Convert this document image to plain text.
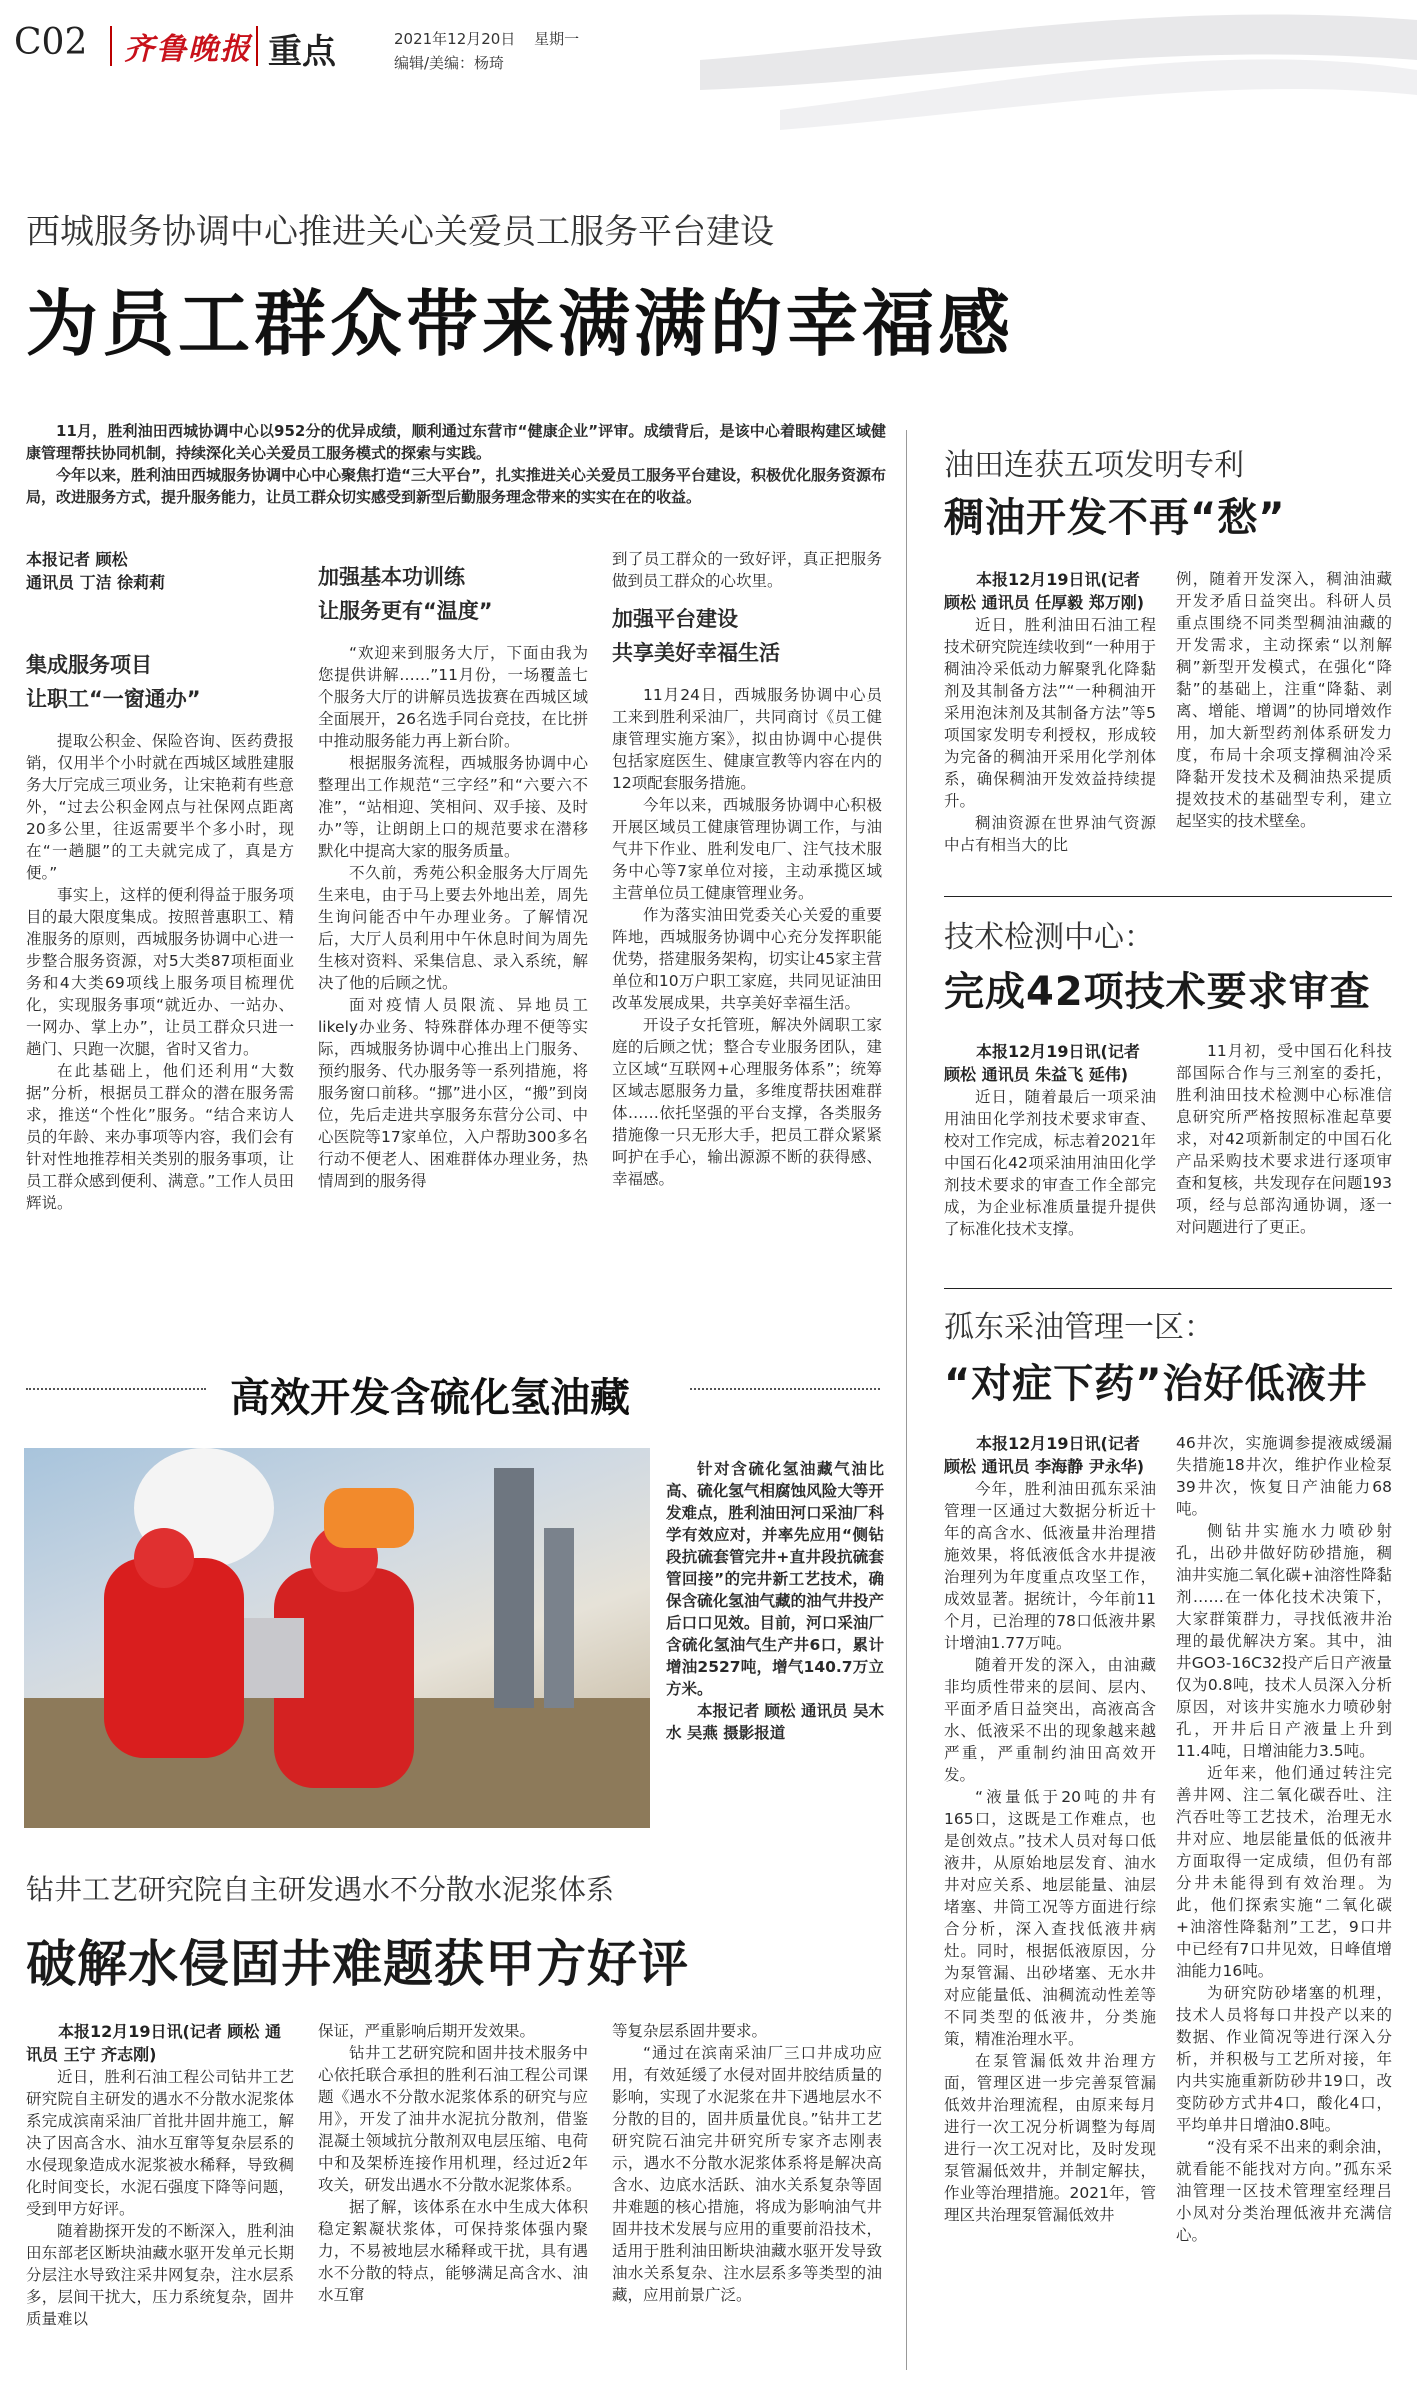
C02 齐鲁晚报 重点	2021年12月20日 星期一
编辑/美编：杨琦
西城服务协调中心推进关心关爱员工服务平台建设
为员工群众带来满满的幸福感

11月，胜利油田西城协调中心以952分的优异成绩，顺利通过东营市“健康企业”评审。成绩背后，是该中心着眼构建区域健康管理帮扶协同机制，持续深化关心关爱员工服务模式的探索与实践。

今年以来，胜利油田西城服务协调中心中心聚焦打造“三大平台”，扎实推进关心关爱员工服务平台建设，积极优化服务资源布局，改进服务方式，提升服务能力，让员工群众切实感受到新型后勤服务理念带来的实实在在的收益。

本报记者 顾松
通讯员 丁洁 徐莉莉
集成服务项目
让职工“一窗通办”

提取公积金、保险咨询、医药费报销，仅用半个小时就在西城区域胜建服务大厅完成三项业务，让宋艳莉有些意外，“过去公积金网点与社保网点距离20多公里，往返需要半个多小时，现在“一趟腿”的工夫就完成了，真是方便。”

事实上，这样的便利得益于服务项目的最大限度集成。按照普惠职工、精准服务的原则，西城服务协调中心进一步整合服务资源，对5大类87项柜面业务和4大类69项线上服务项目梳理优化，实现服务事项“就近办、一站办、一网办、掌上办”，让员工群众只进一趟门、只跑一次腿，省时又省力。

在此基础上，他们还利用“大数据”分析，根据员工群众的潜在服务需求，推送“个性化”服务。“结合来访人员的年龄、来办事项等内容，我们会有针对性地推荐相关类别的服务事项，让员工群众感到便利、满意。”工作人员田辉说。

加强基本功训练
让服务更有“温度”

“欢迎来到服务大厅，下面由我为您提供讲解……”11月份，一场覆盖七个服务大厅的讲解员选拔赛在西城区域全面展开，26名选手同台竞技，在比拼中推动服务能力再上新台阶。

根据服务流程，西城服务协调中心整理出工作规范“三字经”和“六要六不准”，“站相迎、笑相问、双手接、及时办”等，让朗朗上口的规范要求在潜移默化中提高大家的服务质量。

不久前，秀苑公积金服务大厅周先生来电，由于马上要去外地出差，周先生询问能否中午办理业务。了解情况后，大厅人员利用中午休息时间为周先生核对资料、采集信息、录入系统，解决了他的后顾之忧。

面对疫情人员限流、异地员工likely办业务、特殊群体办理不便等实际，西城服务协调中心推出上门服务、预约服务、代办服务等一系列措施，将服务窗口前移。“挪”进小区，“搬”到岗位，先后走进共享服务东营分公司、中心医院等17家单位，入户帮助300多名行动不便老人、困难群体办理业务，热情周到的服务得

到了员工群众的一致好评，真正把服务做到员工群众的心坎里。

加强平台建设
共享美好幸福生活

11月24日，西城服务协调中心员工来到胜利采油厂，共同商讨《员工健康管理实施方案》，拟由协调中心提供包括家庭医生、健康宣教等内容在内的12项配套服务措施。

今年以来，西城服务协调中心积极开展区域员工健康管理协调工作，与油气井下作业、胜利发电厂、注气技术服务中心等7家单位对接，主动承揽区域主营单位员工健康管理业务。

作为落实油田党委关心关爱的重要阵地，西城服务协调中心充分发挥职能优势，搭建服务架构，切实让45家主营单位和10万户职工家庭，共同见证油田改革发展成果，共享美好幸福生活。

开设子女托管班，解决外阔职工家庭的后顾之忧；整合专业服务团队，建立区域“互联网+心理服务体系”；统筹区域志愿服务力量，多维度帮扶困难群体……依托坚强的平台支撑，各类服务措施像一只无形大手，把员工群众紧紧呵护在手心，输出源源不断的获得感、幸福感。

高效开发含硫化氢油藏

针对含硫化氢油藏气油比高、硫化氢气相腐蚀风险大等开发难点，胜利油田河口采油厂科学有效应对，并率先应用“侧钻段抗硫套管完井+直井段抗硫套管回接”的完井新工艺技术，确保含硫化氢油气藏的油气井投产后口口见效。目前，河口采油厂含硫化氢油气生产井6口，累计增油2527吨，增气140.7万立方米。

本报记者 顾松 通讯员 吴木水 吴燕 摄影报道

钻井工艺研究院自主研发遇水不分散水泥浆体系
破解水侵固井难题获甲方好评
本报12月19日讯(记者 顾松 通讯员 王宁 齐志刚)

近日，胜利石油工程公司钻井工艺研究院自主研发的遇水不分散水泥浆体系完成滨南采油厂首批井固井施工，解决了因高含水、油水互窜等复杂层系的水侵现象造成水泥浆被水稀释，导致稠化时间变长，水泥石强度下降等问题，受到甲方好评。

随着勘探开发的不断深入，胜利油田东部老区断块油藏水驱开发单元长期分层注水导致注采井网复杂，注水层系多，层间干扰大，压力系统复杂，固井质量难以

保证，严重影响后期开发效果。

钻井工艺研究院和固井技术服务中心依托联合承担的胜利石油工程公司课题《遇水不分散水泥浆体系的研究与应用》，开发了油井水泥抗分散剂，借鉴混凝土领域抗分散剂双电层压缩、电荷中和及架桥连接作用机理，经过近2年攻关，研发出遇水不分散水泥浆体系。

据了解，该体系在水中生成大体积稳定絮凝状浆体，可保持浆体强内聚力，不易被地层水稀释或干扰，具有遇水不分散的特点，能够满足高含水、油水互窜

等复杂层系固井要求。

“通过在滨南采油厂三口井成功应用，有效延缓了水侵对固井胶结质量的影响，实现了水泥浆在井下遇地层水不分散的目的，固井质量优良。”钻井工艺研究院石油完井研究所专家齐志刚表示，遇水不分散水泥浆体系将是解决高含水、边底水活跃、油水关系复杂等固井难题的核心措施，将成为影响油气井固井技术发展与应用的重要前沿技术，适用于胜利油田断块油藏水驱开发导致油水关系复杂、注水层系多等类型的油藏，应用前景广泛。

油田连获五项发明专利
稠油开发不再“愁”
本报12月19日讯(记者 顾松 通讯员 任厚毅 郑万刚)

近日，胜利油田石油工程技术研究院连续收到“一种用于稠油冷采低动力解聚乳化降黏剂及其制备方法”“一种稠油开采用泡沫剂及其制备方法”等5项国家发明专利授权，形成较为完备的稠油开采用化学剂体系，确保稠油开发效益持续提升。

稠油资源在世界油气资源中占有相当大的比

例，随着开发深入，稠油油藏开发矛盾日益突出。科研人员重点围绕不同类型稠油油藏的开发需求，主动探索“以剂解稠”新型开发模式，在强化“降黏”的基础上，注重“降黏、剥离、增能、增调”的协同增效作用，加大新型药剂体系研发力度，布局十余项支撑稠油冷采降黏开发技术及稠油热采提质提效技术的基础型专利，建立起坚实的技术壁垒。

技术检测中心：
完成42项技术要求审查
本报12月19日讯(记者 顾松 通讯员 朱益飞 延伟)

近日，随着最后一项采油用油田化学剂技术要求审查、校对工作完成，标志着2021年中国石化42项采油用油田化学剂技术要求的审查工作全部完成，为企业标准质量提升提供了标准化技术支撑。

11月初，受中国石化科技部国际合作与三剂室的委托，胜利油田技术检测中心标准信息研究所严格按照标准起草要求，对42项新制定的中国石化产品采购技术要求进行逐项审查和复核，共发现存在问题193项，经与总部沟通协调，逐一对问题进行了更正。

孤东采油管理一区：
“对症下药”治好低液井
本报12月19日讯(记者 顾松 通讯员 李海静 尹永华)

今年，胜利油田孤东采油管理一区通过大数据分析近十年的高含水、低液量井治理措施效果，将低液低含水井提液治理列为年度重点攻坚工作，成效显著。据统计，今年前11个月，已治理的78口低液井累计增油1.77万吨。

随着开发的深入，由油藏非均质性带来的层间、层内、平面矛盾日益突出，高液高含水、低液采不出的现象越来越严重，严重制约油田高效开发。

“液量低于20吨的井有165口，这既是工作难点，也是创效点。”技术人员对每口低液井，从原始地层发育、油水井对应关系、地层能量、油层堵塞、井筒工况等方面进行综合分析，深入查找低液井病灶。同时，根据低液原因，分为泵管漏、出砂堵塞、无水井对应能量低、油稠流动性差等不同类型的低液井，分类施策，精准治理水平。

在泵管漏低效井治理方面，管理区进一步完善泵管漏低效井治理流程，由原来每月进行一次工况分析调整为每周进行一次工况对比，及时发现泵管漏低效井，并制定解扶，作业等治理措施。2021年，管理区共治理泵管漏低效井

46井次，实施调参提液威缓漏失措施18井次，维护作业检泵39井次，恢复日产油能力68吨。

侧钻井实施水力喷砂射孔，出砂井做好防砂措施，稠油井实施二氧化碳+油溶性降黏剂……在一体化技术决策下，大家群策群力，寻找低液井治理的最优解决方案。其中，油井GO3-16C32投产后日产液量仅为0.8吨，技术人员深入分析原因，对该井实施水力喷砂射孔，开井后日产液量上升到11.4吨，日增油能力3.5吨。

近年来，他们通过转注完善井网、注二氧化碳吞吐、注汽吞吐等工艺技术，治理无水井对应、地层能量低的低液井方面取得一定成绩，但仍有部分井未能得到有效治理。为此，他们探索实施“二氧化碳+油溶性降黏剂”工艺，9口井中已经有7口井见效，日峰值增油能力16吨。

为研究防砂堵塞的机理，技术人员将每口井投产以来的数据、作业简况等进行深入分析，并积极与工艺所对接，年内共实施重新防砂井19口，改变防砂方式井4口，酸化4口，平均单井日增油0.8吨。

“没有采不出来的剩余油，就看能不能找对方向。”孤东采油管理一区技术管理室经理吕小凤对分类治理低液井充满信心。
